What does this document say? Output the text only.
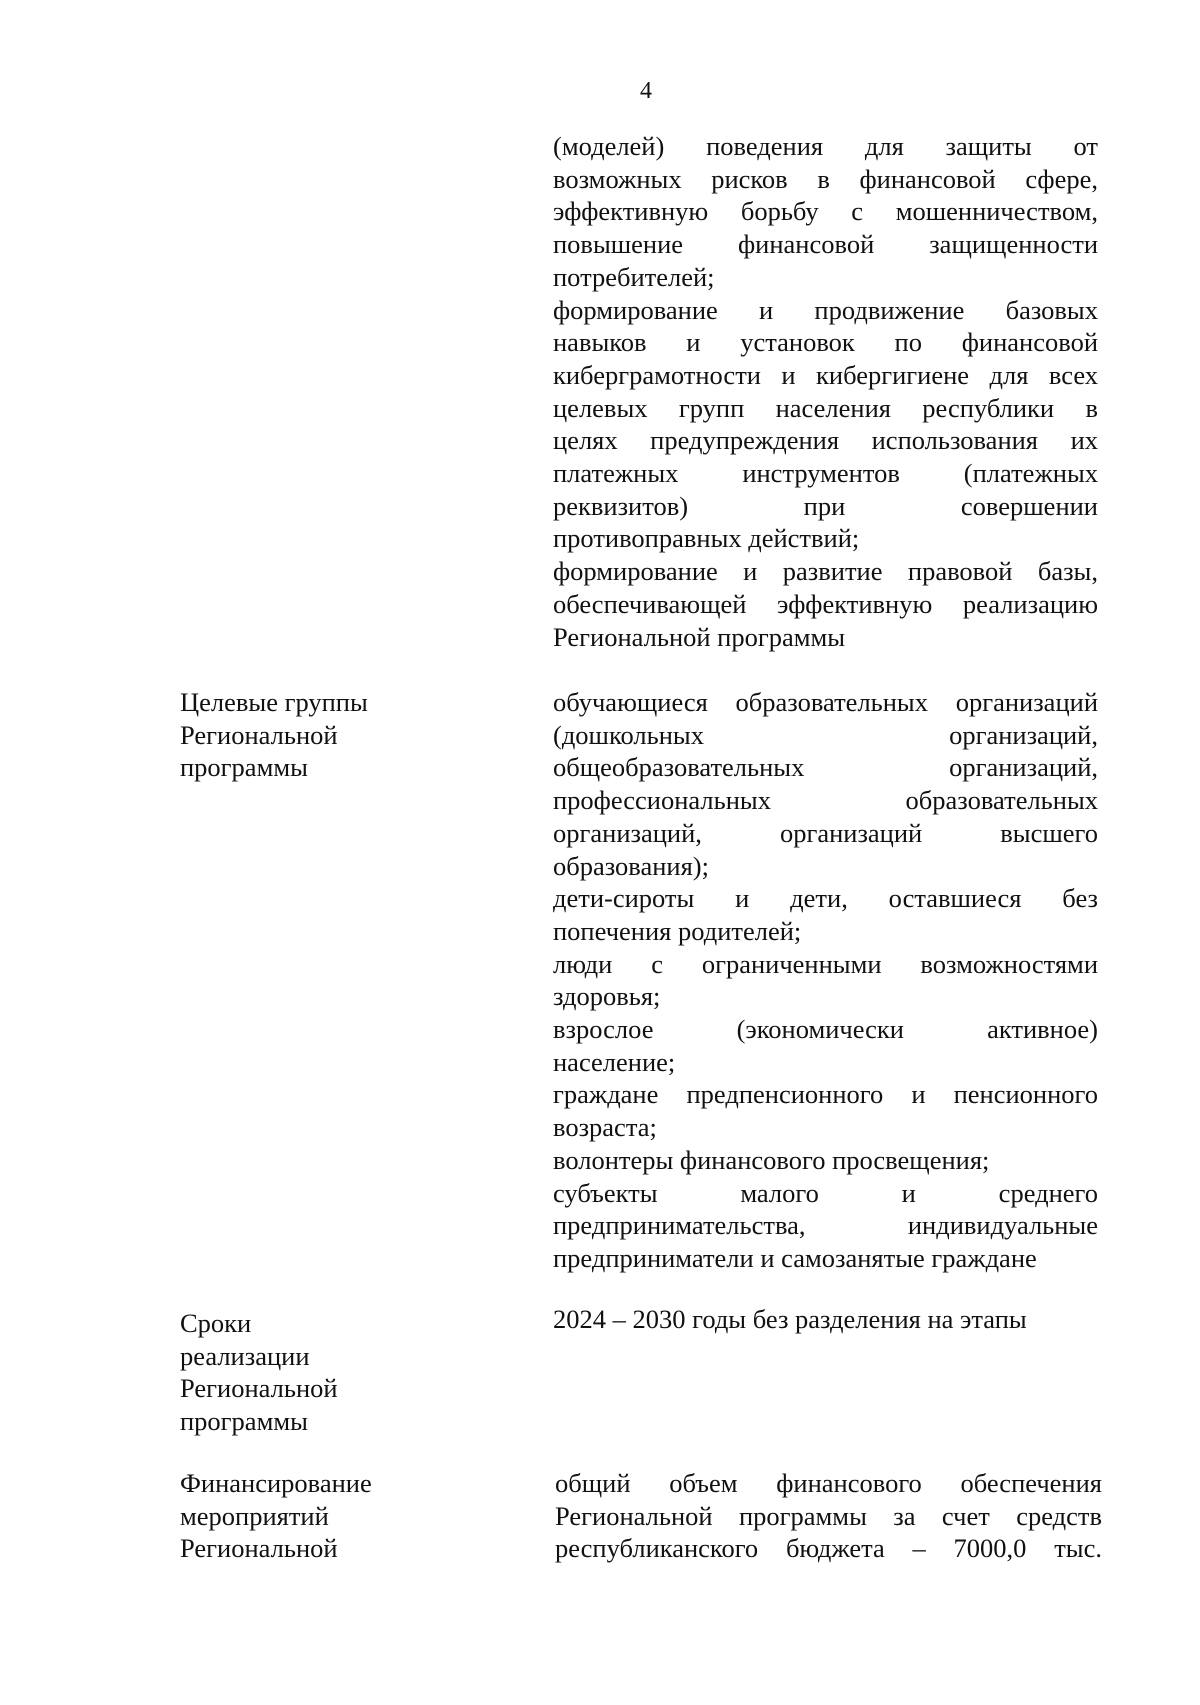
4
(моделей) поведения для защиты от
возможных рисков в финансовой сфере,
эффективную борьбу с мошенничеством,
повышение финансовой защищенности
потребителей;
формирование и продвижение базовых
навыков и установок по финансовой
киберграмотности и кибергигиене для всех
целевых групп населения республики в
целях предупреждения использования их
платежных инструментов (платежных
реквизитов) при совершении
противоправных действий;
формирование и развитие правовой базы,
обеспечивающей эффективную реализацию
Региональной программы
Целевые группы
Региональной
программы
обучающиеся образовательных организаций
(дошкольных организаций,
общеобразовательных организаций,
профессиональных образовательных
организаций, организаций высшего
образования);
дети-сироты и дети, оставшиеся без
попечения родителей;
люди с ограниченными возможностями
здоровья;
взрослое (экономически активное)
население;
граждане предпенсионного и пенсионного
возраста;
волонтеры финансового просвещения;
субъекты малого и среднего
предпринимательства, индивидуальные
предприниматели и самозанятые граждане
Сроки
реализации
Региональной
программы
2024 – 2030 годы без разделения на этапы
Финансирование
мероприятий
Региональной
общий объем финансового обеспечения
Региональной программы за счет средств
республиканского бюджета – 7000,0 тыс.
